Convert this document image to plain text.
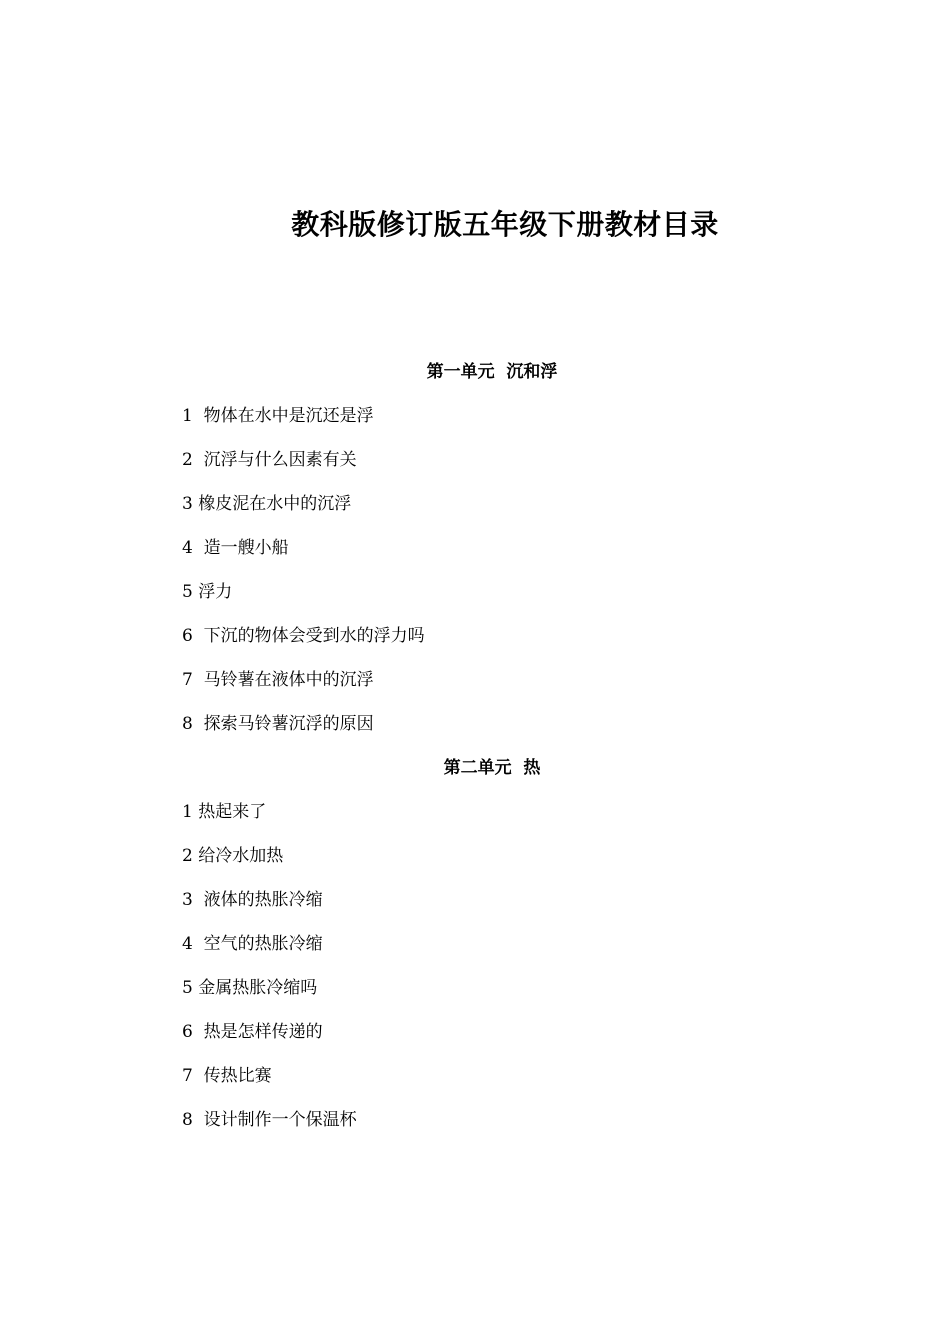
教科版修订版五年级下册教材目录
第一单元  沉和浮
1  物体在水中是沉还是浮
2  沉浮与什么因素有关
3 橡皮泥在水中的沉浮
4  造一艘小船
5 浮力
6  下沉的物体会受到水的浮力吗
7  马铃薯在液体中的沉浮
8  探索马铃薯沉浮的原因
第二单元  热
1 热起来了
2 给冷水加热
3  液体的热胀冷缩
4  空气的热胀冷缩
5 金属热胀冷缩吗
6  热是怎样传递的
7  传热比赛
8  设计制作一个保温杯
